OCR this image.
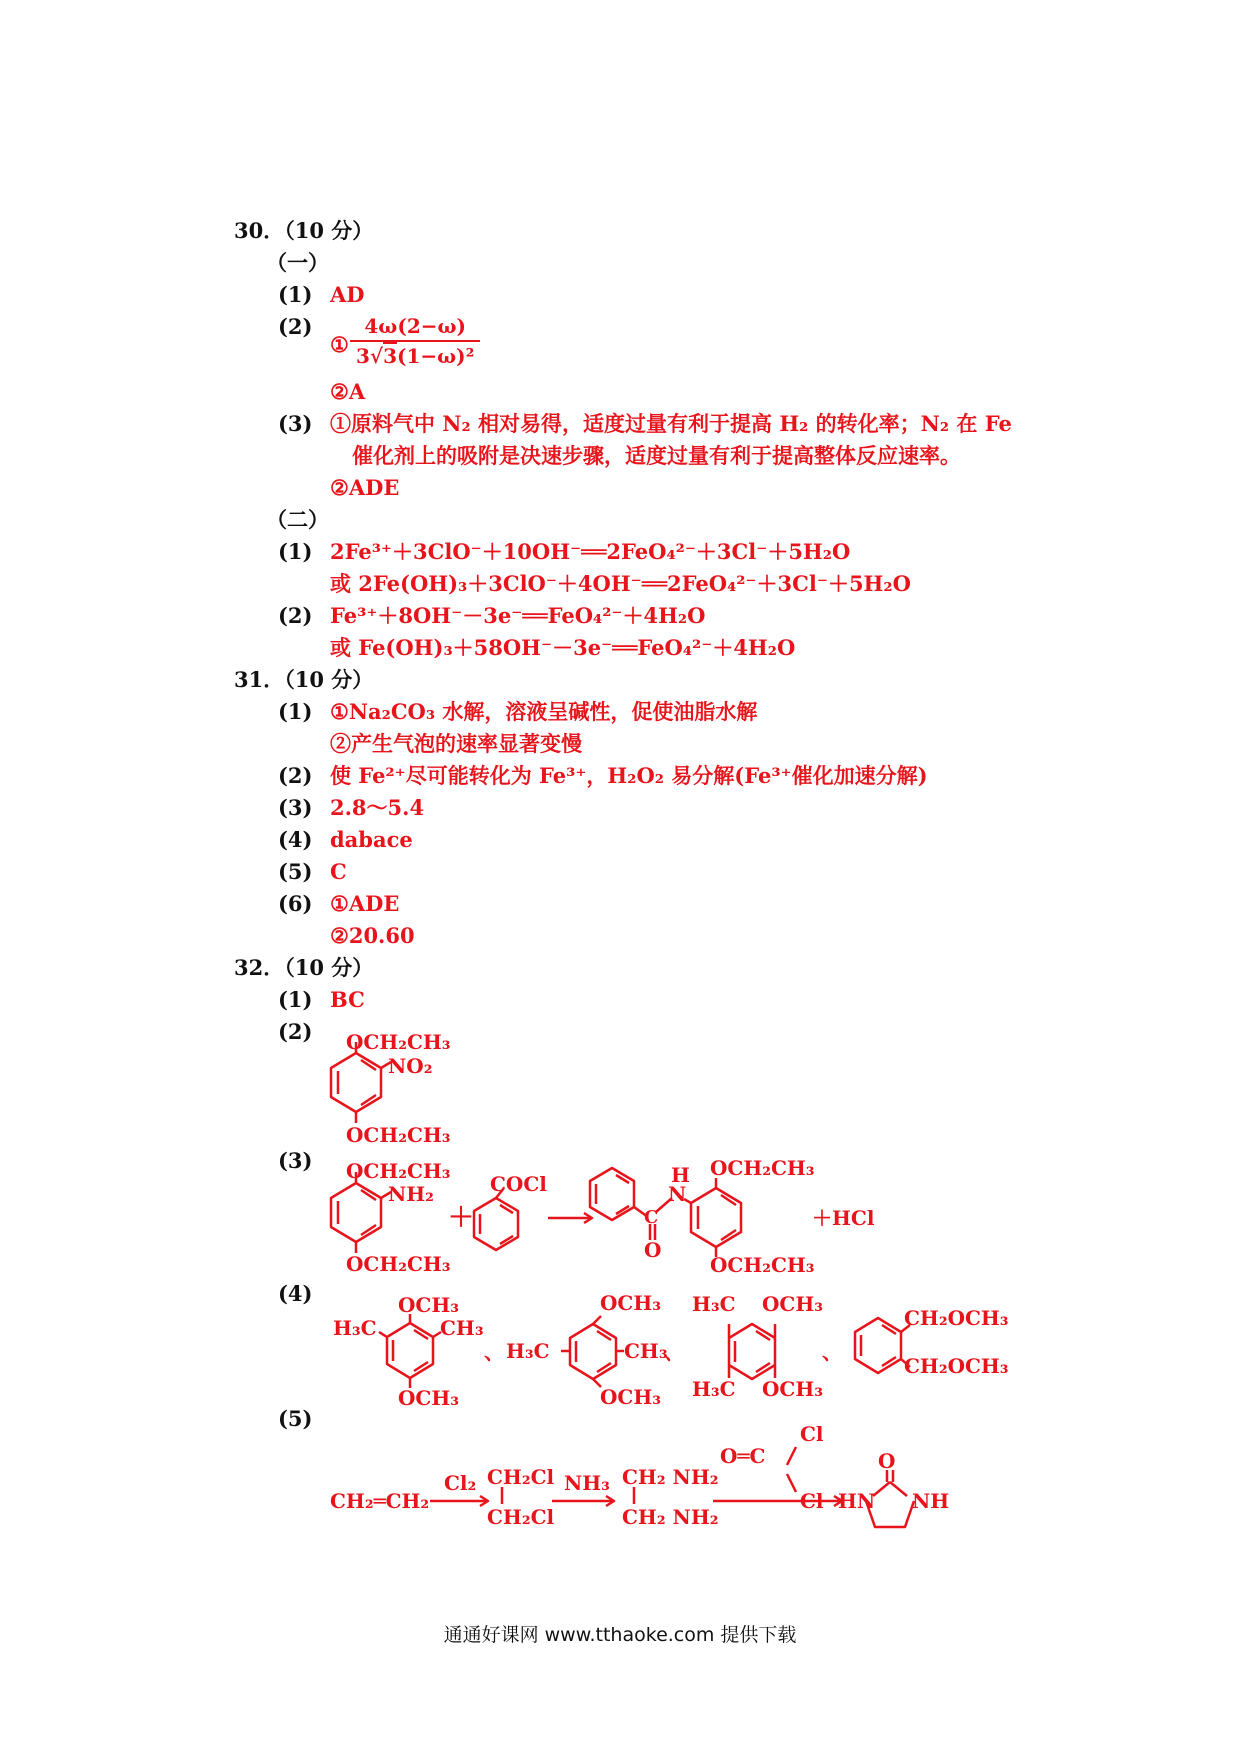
30．（10 分）
（一）
(1) AD
(2)
① $\frac{4\omega(2-\omega)}{\text{3√3(1−ω)²}}$
②A
(3) ①原料气中 N₂ 相对易得，适度过量有利于提高 H₂ 的转化率；N₂ 在 Fe
催化剂上的吸附是决速步骤，适度过量有利于提高整体反应速率。
②ADE
（二）
(1) 2Fe³⁺＋3ClO⁻＋10OH⁻══2FeO₄²⁻＋3Cl⁻＋5H₂O
或 2Fe(OH)₃＋3ClO⁻＋4OH⁻══2FeO₄²⁻＋3Cl⁻＋5H₂O
(2) Fe³⁺＋8OH⁻－3e⁻══FeO₄²⁻＋4H₂O
或 Fe(OH)₃＋58OH⁻－3e⁻══FeO₄²⁻＋4H₂O
31．（10 分）
(1) ①Na₂CO₃ 水解，溶液呈碱性，促使油脂水解
②产生气泡的速率显著变慢
(2) 使 Fe²⁺尽可能转化为 Fe³⁺，H₂O₂ 易分解(Fe³⁺催化加速分解)
(3) 2.8～5.4
(4) dabace
(5) C
(6) ①ADE
②20.60
32．（10 分）
(1) BC
(2)
(3)
(4)
(5)
OCH₂CH₃
NO₂
OCH₂CH₃
OCH₂CH₃
NH₂
OCH₂CH₃
＋
COCl	H
N
C
O
OCH₂CH₃
OCH₂CH₃
＋HCl
OCH₃
H₃C	CH₃
OCH₃
、
OCH₃
H₃C	CH₃
OCH₃
、
H₃C OCH₃
H₃C OCH₃
、
CH₂OCH₃
CH₂OCH₃
CH₂═CH₂
Cl₂ CH₂Cl
CH₂Cl
NH₃ CH₂ NH₂
CH₂ NH₂
O═C
Cl
Cl
O
HN NH
通通好课网 www.tthaoke.com 提供下载
